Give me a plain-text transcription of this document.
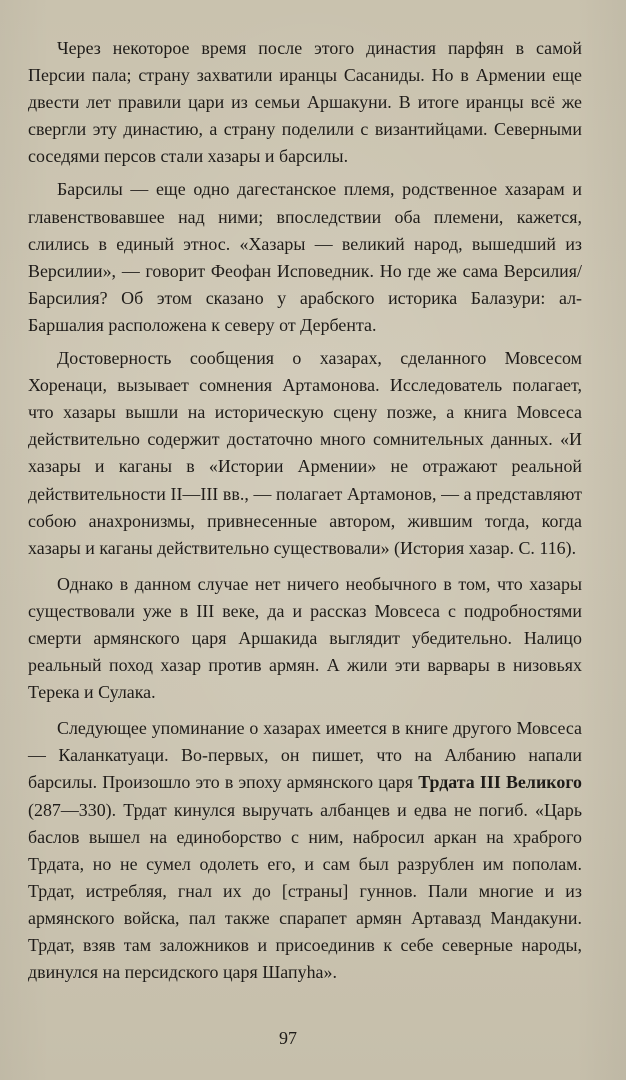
Через некоторое время после этого династия парфян в самой Персии пала; страну захватили иранцы Сасаниды. Но в Армении еще двести лет правили цари из семьи Аршакуни. В итоге иранцы всё же свергли эту династию, а страну поделили с византийцами. Северными соседями персов стали хазары и барсилы.

Барсилы — еще одно дагестанское племя, родственное хазарам и главенствовавшее над ними; впоследствии оба племени, кажется, слились в единый этнос. «Хазары — великий народ, вышедший из Версилии», — говорит Феофан Исповедник. Но где же сама Версилия/Барсилия? Об этом сказано у арабского историка Балазури: ал-Баршалия расположена к северу от Дербента.

Достоверность сообщения о хазарах, сделанного Мовсесом Хоренаци, вызывает сомнения Артамонова. Исследователь полагает, что хазары вышли на историческую сцену позже, а книга Мовсеса действительно содержит достаточно много сомнительных данных. «И хазары и каганы в «Истории Армении» не отражают реальной действительности II—III вв., — полагает Артамонов, — а представляют собою анахронизмы, привнесенные автором, жившим тогда, когда хазары и каганы действительно существовали» (История хазар. С. 116).

Однако в данном случае нет ничего необычного в том, что хазары существовали уже в III веке, да и рассказ Мовсеса с подробностями смерти армянского царя Аршакида выглядит убедительно. Налицо реальный поход хазар против армян. А жили эти варвары в низовьях Терека и Сулака.

Следующее упоминание о хазарах имеется в книге другого Мовсеса — Каланкатуаци. Во-первых, он пишет, что на Албанию напали барсилы. Произошло это в эпоху армянского царя Трдата III Великого (287—330). Трдат кинулся выручать албанцев и едва не погиб. «Царь баслов вышел на единоборство с ним, набросил аркан на храброго Трдата, но не сумел одолеть его, и сам был разрублен им пополам. Трдат, истребляя, гнал их до [страны] гуннов. Пали многие и из армянского войска, пал также спарапет армян Артавазд Мандакуни. Трдат, взяв там заложников и присоединив к себе северные народы, двинулся на персидского царя Шапуhа».

97
